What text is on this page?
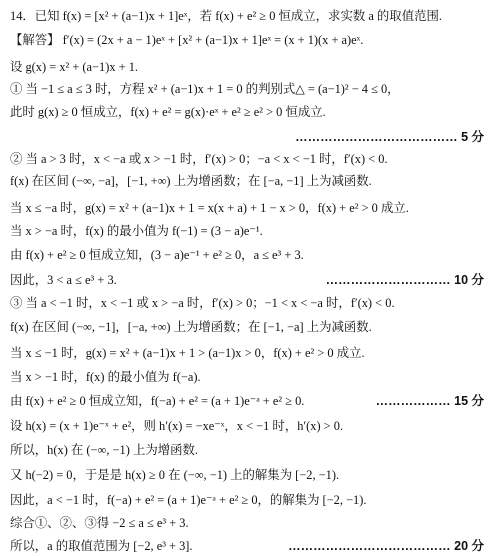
14．已知 f(x) = [x² + (a−1)x + 1]eˣ，若 f(x) + e² ≥ 0 恒成立，求实数 a 的取值范围.
【解答】 f′(x) = (2x + a − 1)eˣ + [x² + (a−1)x + 1]eˣ = (x + 1)(x + a)eˣ.
设 g(x) = x² + (a−1)x + 1.
① 当 −1 ≤ a ≤ 3 时，方程 x² + (a−1)x + 1 = 0 的判别式△ = (a−1)² − 4 ≤ 0，
此时 g(x) ≥ 0 恒成立，f(x) + e² = g(x)·eˣ + e² ≥ e² > 0 恒成立.
………………………………… 5 分
② 当 a > 3 时，x < −a 或 x > −1 时，f′(x) > 0；−a < x < −1 时，f′(x) < 0.
f(x) 在区间 (−∞, −a]，[−1, +∞) 上为增函数；在 [−a, −1] 上为减函数.
当 x ≤ −a 时，g(x) = x² + (a−1)x + 1 = x(x + a) + 1 − x > 0，f(x) + e² > 0 成立.
当 x > −a 时，f(x) 的最小值为 f(−1) = (3 − a)e⁻¹.
由 f(x) + e² ≥ 0 恒成立知，(3 − a)e⁻¹ + e² ≥ 0，a ≤ e³ + 3.
因此，3 < a ≤ e³ + 3.	………………………… 10 分
③ 当 a < −1 时，x < −1 或 x > −a 时，f′(x) > 0；−1 < x < −a 时，f′(x) < 0.
f(x) 在区间 (−∞, −1]，[−a, +∞) 上为增函数；在 [−1, −a] 上为减函数.
当 x ≤ −1 时，g(x) = x² + (a−1)x + 1 > (a−1)x > 0，f(x) + e² > 0 成立.
当 x > −1 时，f(x) 的最小值为 f(−a).
由 f(x) + e² ≥ 0 恒成立知，f(−a) + e² = (a + 1)e⁻ᵃ + e² ≥ 0.	……………… 15 分
设 h(x) = (x + 1)e⁻ˣ + e²，则 h′(x) = −xe⁻ˣ，x < −1 时，h′(x) > 0.
所以，h(x) 在 (−∞, −1) 上为增函数.
又 h(−2) = 0，于是是 h(x) ≥ 0 在 (−∞, −1) 上的解集为 [−2, −1).
因此，a < −1 时，f(−a) + e² = (a + 1)e⁻ᵃ + e² ≥ 0，的解集为 [−2, −1).
综合①、②、③得 −2 ≤ a ≤ e³ + 3.
所以，a 的取值范围为 [−2, e³ + 3].	………………………………… 20 分
